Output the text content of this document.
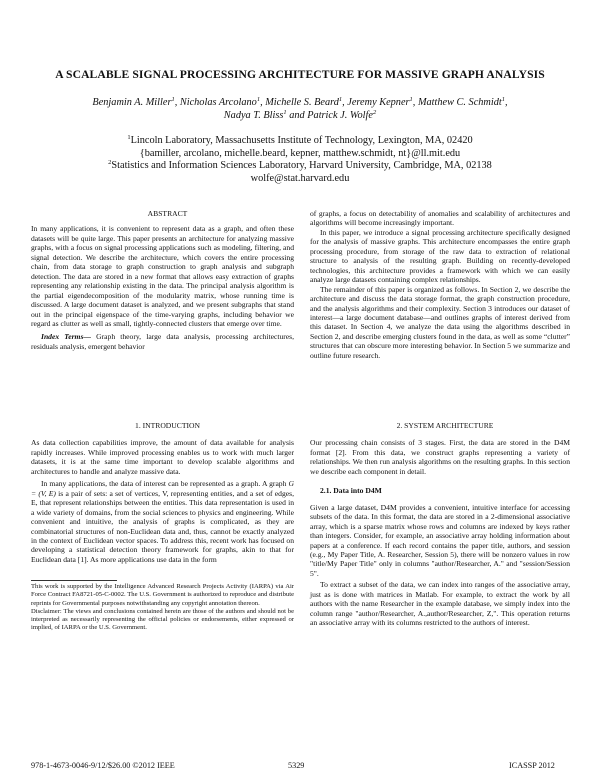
A SCALABLE SIGNAL PROCESSING ARCHITECTURE FOR MASSIVE GRAPH ANALYSIS
Benjamin A. Miller$^1$, Nicholas Arcolano$^1$, Michelle S. Beard$^1$, Jeremy Kepner$^1$, Matthew C. Schmidt$^1$,
Nadya T. Bliss$^1$ and Patrick J. Wolfe$^2$
$^1$Lincoln Laboratory, Massachusetts Institute of Technology, Lexington, MA, 02420
{bamiller, arcolano, michelle.beard, kepner, matthew.schmidt, nt}@ll.mit.edu
$^2$Statistics and Information Sciences Laboratory, Harvard University, Cambridge, MA, 02138
wolfe@stat.harvard.edu

ABSTRACT

In many applications, it is convenient to represent data as a graph, and often these datasets will be quite large. This paper presents an architecture for analyzing massive graphs, with a focus on signal processing applications such as modeling, filtering, and signal detection. We describe the architecture, which covers the entire processing chain, from data storage to graph construction to graph analysis and subgraph detection. The data are stored in a new format that allows easy extraction of graphs representing any relationship existing in the data. The principal analysis algorithm is the partial eigendecomposition of the modularity matrix, whose running time is discussed. A large document dataset is analyzed, and we present subgraphs that stand out in the principal eigenspace of the time-varying graphs, including behavior we regard as clutter as well as small, tightly-connected clusters that emerge over time.

Index Terms— Graph theory, large data analysis, processing architectures, residuals analysis, emergent behavior

1. INTRODUCTION

As data collection capabilities improve, the amount of data available for analysis rapidly increases. While improved processing enables us to work with much larger datasets, it is at the same time important to develop scalable algorithms and architectures to handle and analyze massive data.

In many applications, the data of interest can be represented as a graph. A graph G = (V, E) is a pair of sets: a set of vertices, V, representing entities, and a set of edges, E, that represent relationships between the entities. This data representation is used in a wide variety of domains, from the social sciences to physics and engineering. While convenient and intuitive, the analysis of graphs is complicated, as they are combinatorial structures of non-Euclidean data and, thus, cannot be exactly analyzed in the context of Euclidean vector spaces. To address this, recent work has focused on developing a statistical detection theory framework for graphs, akin to that for Euclidean data [1]. As more applications use data in the form

This work is supported by the Intelligence Advanced Research Projects Activity (IARPA) via Air Force Contract FA8721-05-C-0002. The U.S. Government is authorized to reproduce and distribute reprints for Governmental purposes notwithstanding any copyright annotation thereon.

Disclaimer: The views and conclusions contained herein are those of the authors and should not be interpreted as necessarily representing the official policies or endorsements, either expressed or implied, of IARPA or the U.S. Government.

of graphs, a focus on detectability of anomalies and scalability of architectures and algorithms will become increasingly important.

In this paper, we introduce a signal processing architecture specifically designed for the analysis of massive graphs. This architecture encompasses the entire graph processing procedure, from storage of the raw data to extraction of relational structure to analysis of the resulting graph. Building on recently-developed technologies, this architecture provides a framework with which we can easily analyze large datasets containing complex relationships.

The remainder of this paper is organized as follows. In Section 2, we describe the architecture and discuss the data storage format, the graph construction procedure, and the analysis algorithms and their complexity. Section 3 introduces our dataset of interest—a large document database—and outlines graphs of interest derived from this dataset. In Section 4, we analyze the data using the algorithms described in Section 2, and describe emerging clusters found in the data, as well as some “clutter” structures that can obscure more interesting behavior. In Section 5 we summarize and outline future research.

2. SYSTEM ARCHITECTURE

Our processing chain consists of 3 stages. First, the data are stored in the D4M format [2]. From this data, we construct graphs representing a variety of relationships. We then run analysis algorithms on the resulting graphs. In this section we describe each component in detail.

2.1. Data into D4M

Given a large dataset, D4M provides a convenient, intuitive interface for accessing subsets of the data. In this format, the data are stored in a 2-dimensional associative array, which is a sparse matrix whose rows and columns are indexed by keys rather than integers. Consider, for example, an associative array holding information about papers at a conference. If each record contains the paper title, authors, and session (e.g., My Paper Title, A. Researcher, Session 5), there will be nonzero values in row "title/My Paper Title" only in columns "author/Researcher, A." and "session/Session 5".

To extract a subset of the data, we can index into ranges of the associative array, just as is done with matrices in Matlab. For example, to extract the work by all authors with the name Researcher in the example database, we simply index into the column range "author/Researcher, A.,author/Researcher, Z,". This operation returns an associative array with its columns restricted to the authors of interest.

978-1-4673-0046-9/12/$26.00 ©2012 IEEE	5329	ICASSP 2012
